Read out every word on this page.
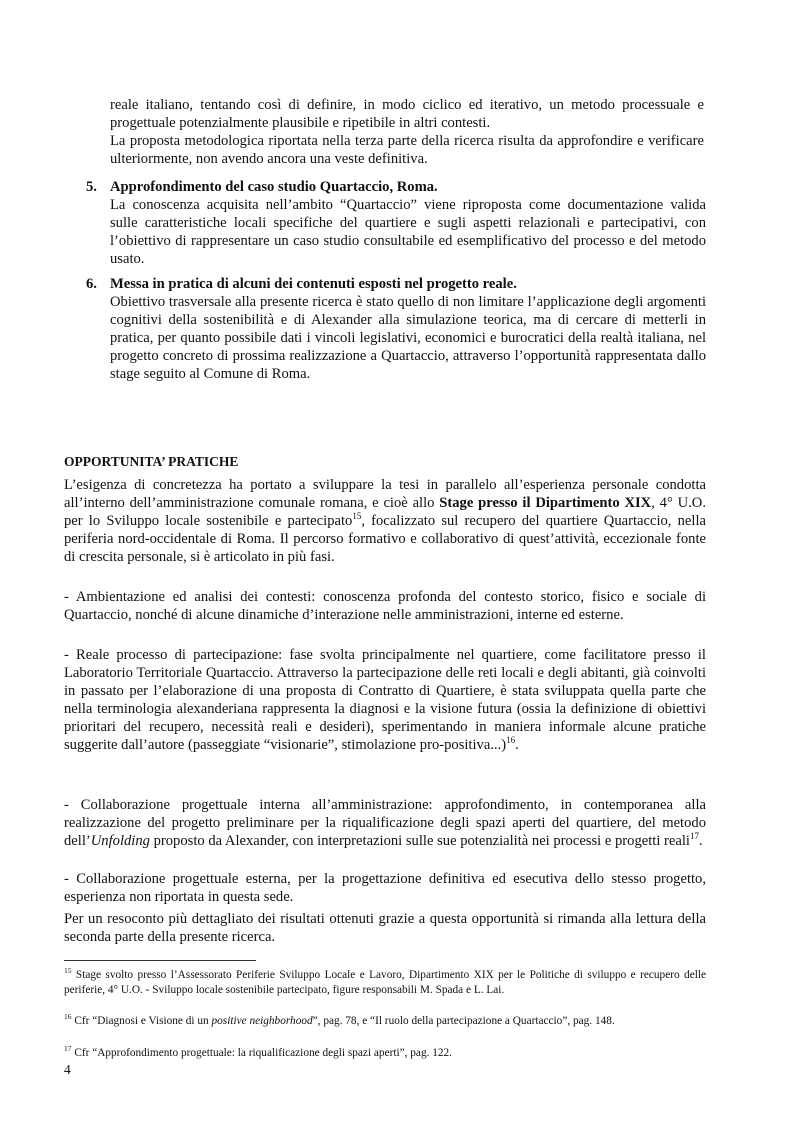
reale italiano, tentando così di definire, in modo ciclico ed iterativo, un metodo processuale e progettuale potenzialmente plausibile e ripetibile in altri contesti.
La proposta metodologica riportata nella terza parte della ricerca risulta da approfondire e verificare ulteriormente, non avendo ancora una veste definitiva.

5. Approfondimento del caso studio Quartaccio, Roma.
La conoscenza acquisita nell’ambito “Quartaccio” viene riproposta come documentazione valida sulle caratteristiche locali specifiche del quartiere e sugli aspetti relazionali e partecipativi, con l’obiettivo di rappresentare un caso studio consultabile ed esemplificativo del processo e del metodo usato.
6. Messa in pratica di alcuni dei contenuti esposti nel progetto reale.
Obiettivo trasversale alla presente ricerca è stato quello di non limitare l’applicazione degli argomenti cognitivi della sostenibilità e di Alexander alla simulazione teorica, ma di cercare di metterli in pratica, per quanto possibile dati i vincoli legislativi, economici e burocratici della realtà italiana, nel progetto concreto di prossima realizzazione a Quartaccio, attraverso l’opportunità rappresentata dallo stage seguito al Comune di Roma.
OPPORTUNITA’ PRATICHE

L’esigenza di concretezza ha portato a sviluppare la tesi in parallelo all’esperienza personale condotta all’interno dell’amministrazione comunale romana, e cioè allo Stage presso il Dipartimento XIX, 4° U.O. per lo Sviluppo locale sostenibile e partecipato$^{15}$, focalizzato sul recupero del quartiere Quartaccio, nella periferia nord-occidentale di Roma. Il percorso formativo e collaborativo di quest’attività, eccezionale fonte di crescita personale, si è articolato in più fasi.

- Ambientazione ed analisi dei contesti: conoscenza profonda del contesto storico, fisico e sociale di Quartaccio, nonché di alcune dinamiche d’interazione nelle amministrazioni, interne ed esterne.

- Reale processo di partecipazione: fase svolta principalmente nel quartiere, come facilitatore presso il Laboratorio Territoriale Quartaccio. Attraverso la partecipazione delle reti locali e degli abitanti, già coinvolti in passato per l’elaborazione di una proposta di Contratto di Quartiere, è stata sviluppata quella parte che nella terminologia alexanderiana rappresenta la diagnosi e la visione futura (ossia la definizione di obiettivi prioritari del recupero, necessità reali e desideri), sperimentando in maniera informale alcune pratiche suggerite dall’autore (passeggiate “visionarie”, stimolazione pro-positiva...)$^{16}$.

- Collaborazione progettuale interna all’amministrazione: approfondimento, in contemporanea alla realizzazione del progetto preliminare per la riqualificazione degli spazi aperti del quartiere, del metodo dell’Unfolding proposto da Alexander, con interpretazioni sulle sue potenzialità nei processi e progetti reali$^{17}$.

- Collaborazione progettuale esterna, per la progettazione definitiva ed esecutiva dello stesso progetto, esperienza non riportata in questa sede.

Per un resoconto più dettagliato dei risultati ottenuti grazie a questa opportunità si rimanda alla lettura della seconda parte della presente ricerca.

$^{15}$ Stage svolto presso l’Assessorato Periferie Sviluppo Locale e Lavoro, Dipartimento XIX per le Politiche di sviluppo e recupero delle periferie, 4° U.O. - Sviluppo locale sostenibile partecipato, figure responsabili M. Spada e L. Lai.

$^{16}$ Cfr “Diagnosi e Visione di un positive neighborhood”, pag. 78, e “Il ruolo della partecipazione a Quartaccio”, pag. 148.

$^{17}$ Cfr “Approfondimento progettuale: la riqualificazione degli spazi aperti”, pag. 122.

4
